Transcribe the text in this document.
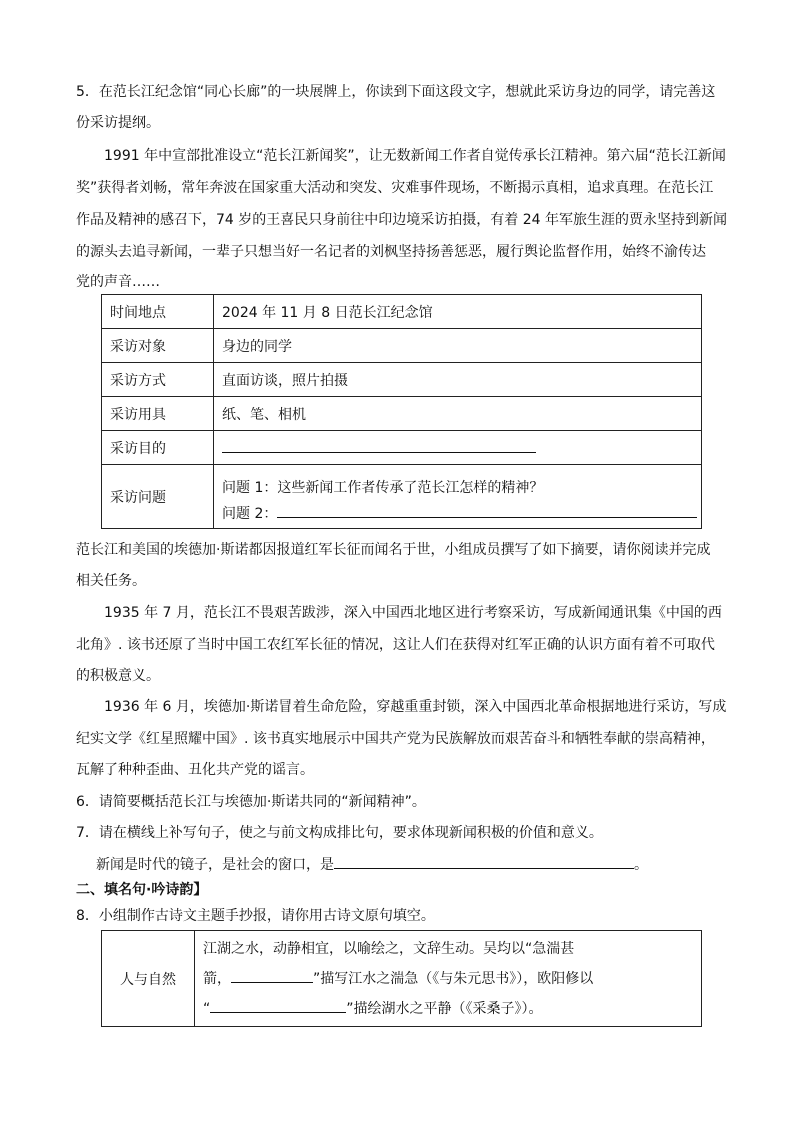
5．在范长江纪念馆“同心长廊”的一块展牌上，你读到下面这段文字，想就此采访身边的同学，请完善这
份采访提纲。
1991 年中宣部批准设立“范长江新闻奖”，让无数新闻工作者自觉传承长江精神。第六届“范长江新闻
奖”获得者刘畅，常年奔波在国家重大活动和突发、灾难事件现场，不断揭示真相，追求真理。在范长江
作品及精神的感召下，74 岁的王喜民只身前往中印边境采访拍摄，有着 24 年军旅生涯的贾永坚持到新闻
的源头去追寻新闻，一辈子只想当好一名记者的刘枫坚持扬善惩恶，履行舆论监督作用，始终不渝传达
党的声音……
时间地点	2024 年 11 月 8 日范长江纪念馆
采访对象	身边的同学
采访方式	直面访谈，照片拍摄
采访用具	纸、笔、相机
采访目的	
采访问题	问题 1：这些新闻工作者传承了范长江怎样的精神？
问题 2：
范长江和美国的埃德加·斯诺都因报道红军长征而闻名于世，小组成员撰写了如下摘要，请你阅读并完成
相关任务。
1935 年 7 月，范长江不畏艰苦跋涉，深入中国西北地区进行考察采访，写成新闻通讯集《中国的西
北角》. 该书还原了当时中国工农红军长征的情况，这让人们在获得对红军正确的认识方面有着不可取代
的积极意义。
1936 年 6 月，埃德加·斯诺冒着生命危险，穿越重重封锁，深入中国西北革命根据地进行采访，写成
纪实文学《红星照耀中国》. 该书真实地展示中国共产党为民族解放而艰苦奋斗和牺牲奉献的崇高精神，
瓦解了种种歪曲、丑化共产党的谣言。
6．请简要概括范长江与埃德加·斯诺共同的“新闻精神”。
7．请在横线上补写句子，使之与前文构成排比句，要求体现新闻积极的价值和意义。
新闻是时代的镜子，是社会的窗口，是	。
二、填名句·吟诗韵】
8．小组制作古诗文主题手抄报，请你用古诗文原句填空。
人与自然	
江湖之水，动静相宜，以喻绘之，文辞生动。吴均以“急湍甚
箭，	”描写江水之湍急（《与朱元思书》），欧阳修以
“	”描绘湖水之平静（《采桑子》）。
